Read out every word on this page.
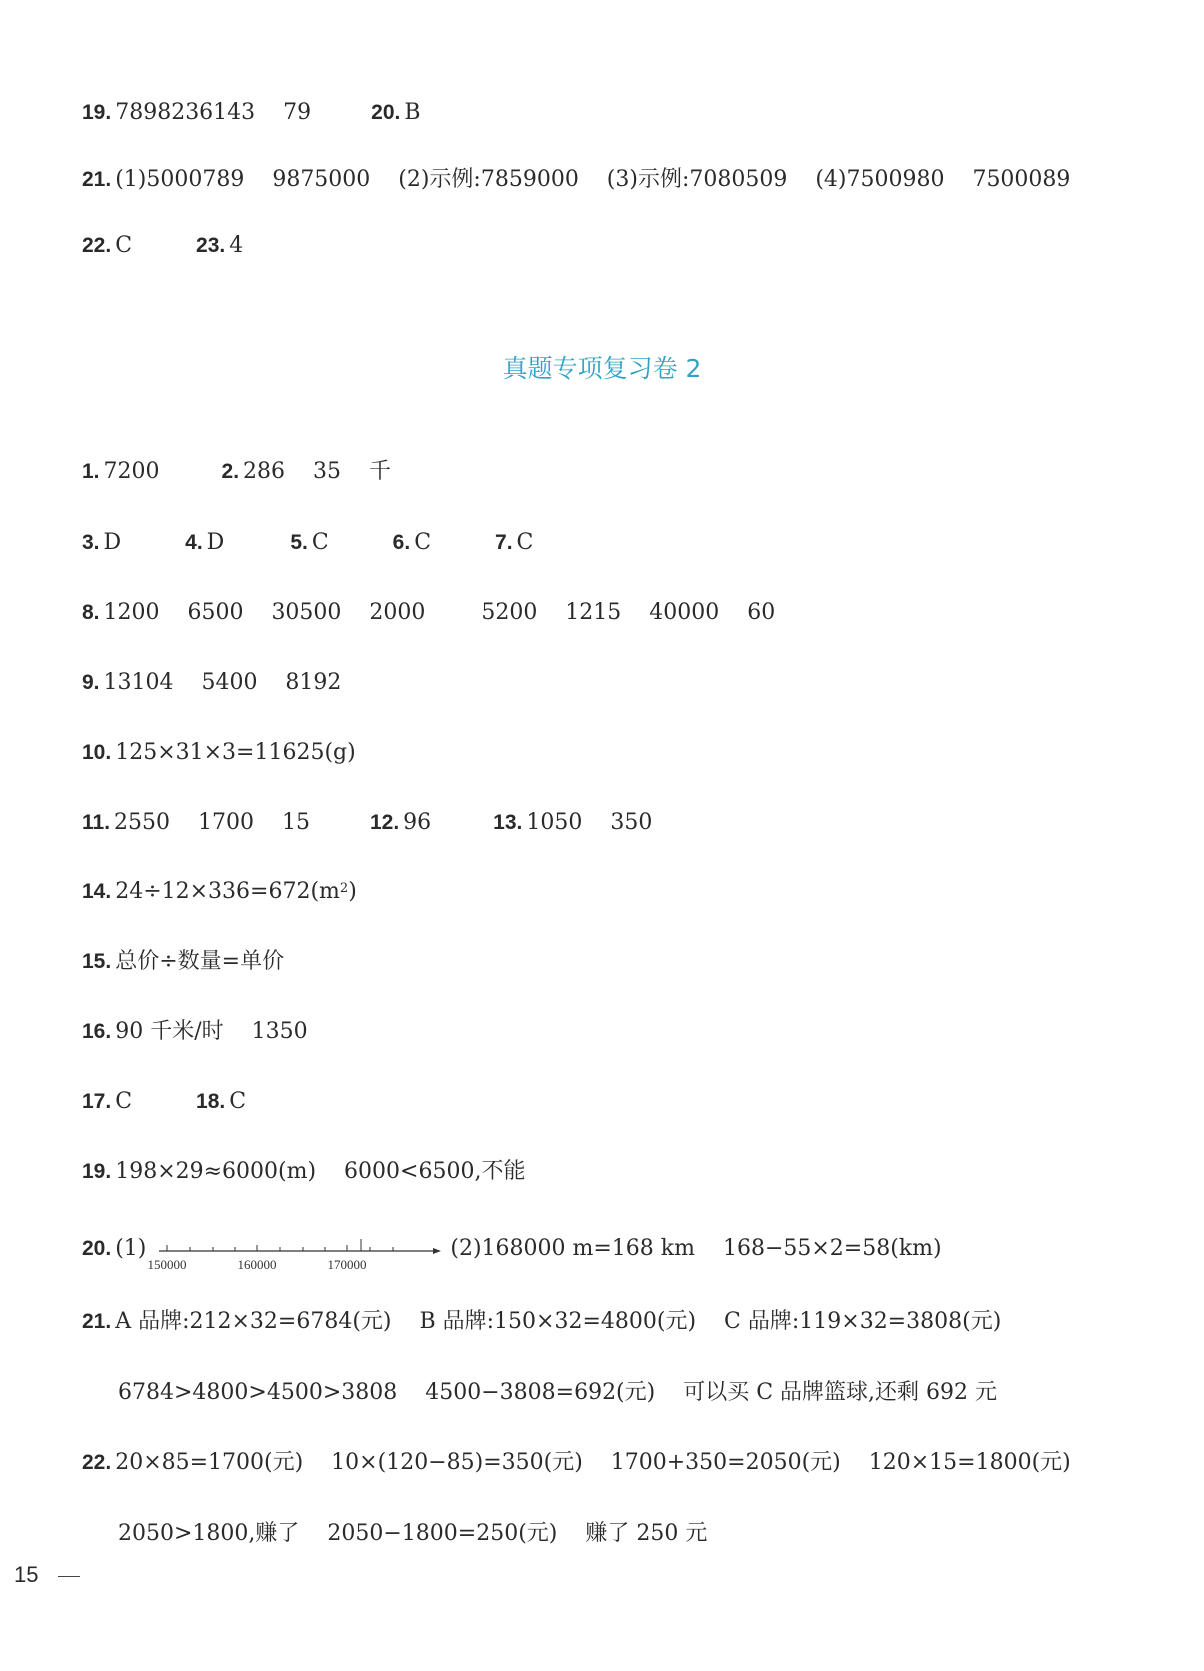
19. 7898236143    79	20. B
21. (1)5000789    9875000    (2)示例:7859000    (3)示例:7080509    (4)7500980    7500089
22. C	23. 4
真题专项复习卷 2
1. 7200	2. 286    35    千
3. D	4. D	5. C	6. C	7. C
8. 1200    6500    30500    2000        5200    1215    40000    60
9. 13104    5400    8192
10. 125×31×3=11625(g)
11. 2550    1700    15	12. 96	13. 1050    350
14. $24\div 12\times 336=672(m^2)$
15. 总价÷数量=单价
16. 90 千米/时    1350
17. C	18. C
19. 198×29≈6000(m)    6000<6500,不能
20. (1)
150000	160000	170000
(2)168000 m=168 km    168−55×2=58(km)
21. A 品牌:212×32=6784(元)    B 品牌:150×32=4800(元)    C 品牌:119×32=3808(元)
6784>4800>4500>3808    4500−3808=692(元)    可以买 C 品牌篮球,还剩 692 元
22. 20×85=1700(元)    10×(120−85)=350(元)    1700+350=2050(元)    120×15=1800(元)
2050>1800,赚了    2050−1800=250(元)    赚了 250 元
15
